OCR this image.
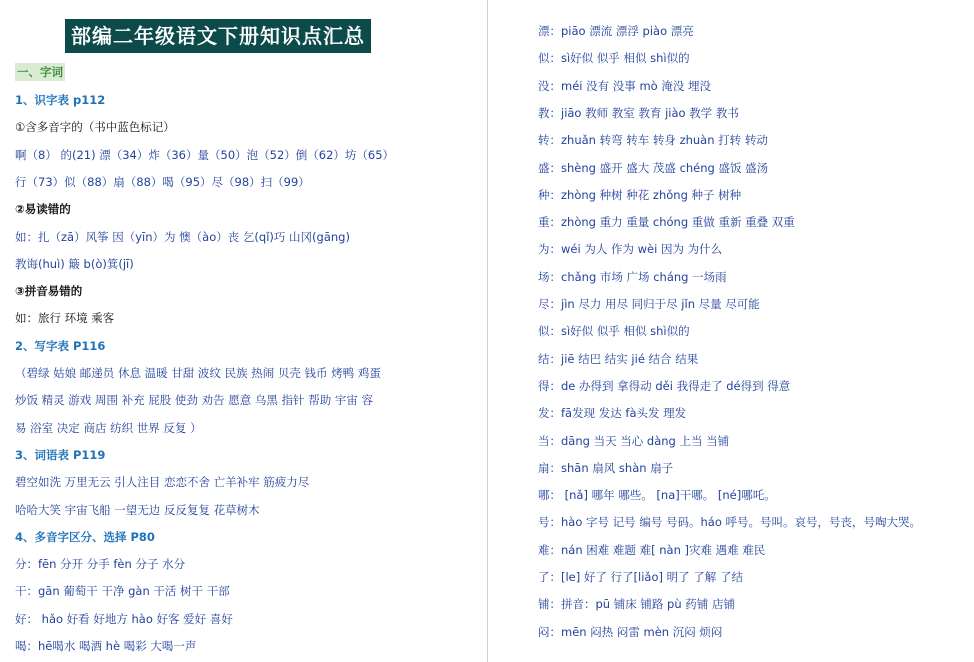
部编二年级语文下册知识点汇总
一、字词
1、识字表 p112
①含多音字的（书中蓝色标记）
啊（8） 的(21) 漂（34）炸（36）量（50）泡（52）倒（62）坊（65）
行（73）似（88）扇（88）喝（95）尽（98）扫（99）
②易读错的
如：扎（zā）风筝 因（yīn）为 懊（ào）丧 乞(qǐ)巧 山冈(gāng)
教诲(huì) 簸 b(ò)箕(jī)
③拼音易错的
如：旅行 环境 乘客
2、写字表 P116
（碧绿 姑娘 邮递员 休息 温暖 甘甜 波纹 民族 热闹 贝壳 钱币 烤鸭 鸡蛋
炒饭 精灵 游戏 周围 补充 屁股 使劲 劝告 愿意 乌黑 指针 帮助 宇宙 容
易 浴室 决定 商店 纺织 世界 反复 ）
3、词语表 P119
碧空如洗 万里无云 引人注目 恋恋不舍 亡羊补牢 筋疲力尽
哈哈大笑 宇宙飞船 一望无边 反反复复 花草树木
4、多音字区分、选择 P80
分：fēn 分开 分手 fèn 分子 水分
干：gān 葡萄干 干净 gàn 干活 树干 干部
好： hǎo 好看 好地方 hào 好客 爱好 喜好
喝：hē喝水 喝酒 hè 喝彩 大喝一声
漂：piāo 漂流 漂浮 piào 漂亮
似：sì好似 似乎 相似 shì似的
没：méi 没有 没事 mò 淹没 埋没
教：jiāo 教师 教室 教育 jiào 教学 教书
转：zhuǎn 转弯 转车 转身 zhuàn 打转 转动
盛：shèng 盛开 盛大 茂盛 chéng 盛饭 盛汤
种：zhòng 种树 种花 zhǒng 种子 树种
重：zhòng 重力 重量 chóng 重做 重新 重叠 双重
为：wéi 为人 作为 wèi 因为 为什么
场：chǎng 市场 广场 cháng 一场雨
尽：jìn 尽力 用尽 同归于尽 jǐn 尽量 尽可能
似：sì好似 似乎 相似 shì似的
结：jiē 结巴 结实 jié 结合 结果
得：de 办得到 拿得动 děi 我得走了 dé得到 得意
发：fā发现 发达 fà头发 理发
当：dāng 当天 当心 dàng 上当 当铺
扇：shān 扇风 shàn 扇子
哪： [nǎ] 哪年 哪些。 [na]干哪。 [né]哪吒。
号：hào 字号 记号 编号 号码。háo 呼号。号叫。哀号，号丧，号啕大哭。
难：nán 困难 难题 难[ nàn ]灾难 遇难 难民
了：[le] 好了 行了[liǎo] 明了 了解 了结
铺：拼音：pū 铺床 铺路 pù 药铺 店铺
闷：mēn 闷热 闷雷 mèn 沉闷 烦闷
